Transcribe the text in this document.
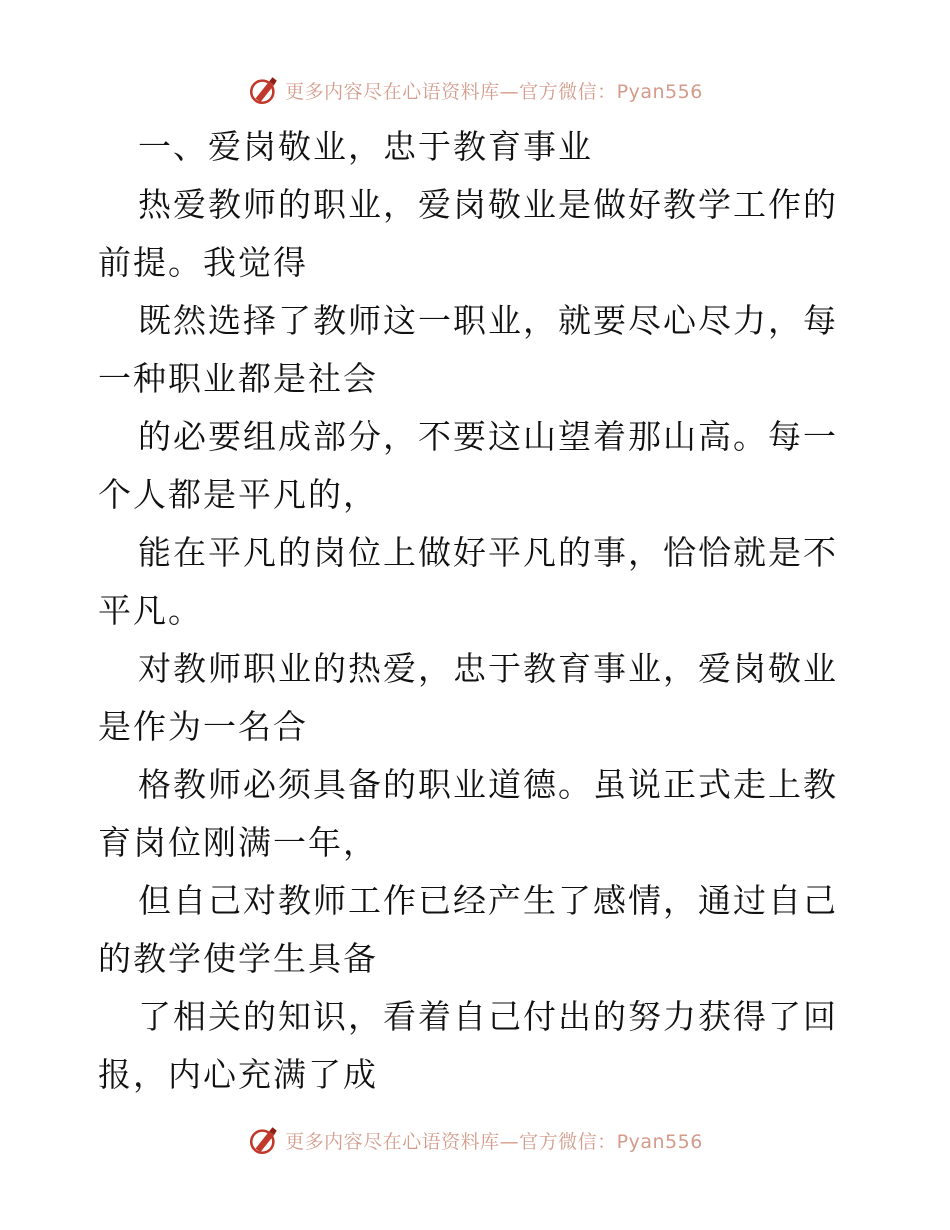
更多内容尽在心语资料库—官方微信：Pyan556

一、爱岗敬业，忠于教育事业

热爱教师的职业，爱岗敬业是做好教学工作的前提。我觉得

既然选择了教师这一职业，就要尽心尽力，每一种职业都是社会

的必要组成部分，不要这山望着那山高。每一个人都是平凡的，

能在平凡的岗位上做好平凡的事，恰恰就是不平凡。

对教师职业的热爱，忠于教育事业，爱岗敬业是作为一名合

格教师必须具备的职业道德。虽说正式走上教育岗位刚满一年，

但自己对教师工作已经产生了感情，通过自己的教学使学生具备

了相关的知识，看着自己付出的努力获得了回报，内心充满了成

更多内容尽在心语资料库—官方微信：Pyan556
